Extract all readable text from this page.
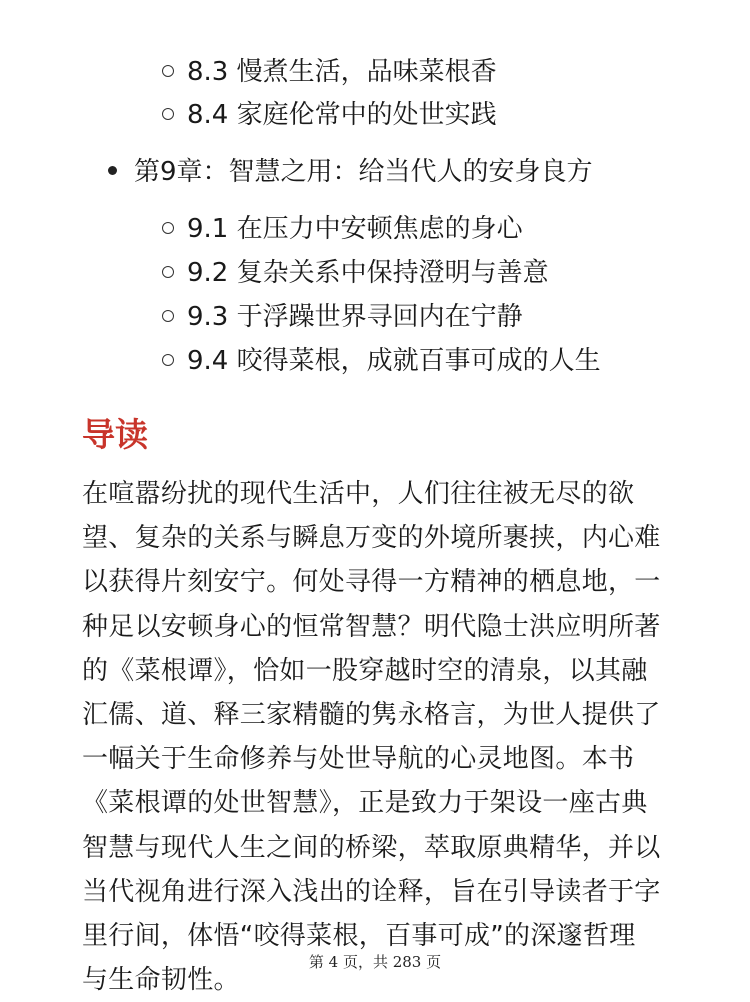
8.3 慢煮生活，品味菜根香
8.4 家庭伦常中的处世实践
第9章：智慧之用：给当代人的安身良方
9.1 在压力中安顿焦虑的身心
9.2 复杂关系中保持澄明与善意
9.3 于浮躁世界寻回内在宁静
9.4 咬得菜根，成就百事可成的人生
导读
在喧嚣纷扰的现代生活中，人们往往被无尽的欲
望、复杂的关系与瞬息万变的外境所裹挟，内心难
以获得片刻安宁。何处寻得一方精神的栖息地，一
种足以安顿身心的恒常智慧？明代隐士洪应明所著
的《菜根谭》，恰如一股穿越时空的清泉，以其融
汇儒、道、释三家精髓的隽永格言，为世人提供了
一幅关于生命修养与处世导航的心灵地图。本书
《菜根谭的处世智慧》，正是致力于架设一座古典
智慧与现代人生之间的桥梁，萃取原典精华，并以
当代视角进行深入浅出的诠释，旨在引导读者于字
里行间，体悟“咬得菜根，百事可成”的深邃哲理
与生命韧性。
第 4 页，共 283 页
